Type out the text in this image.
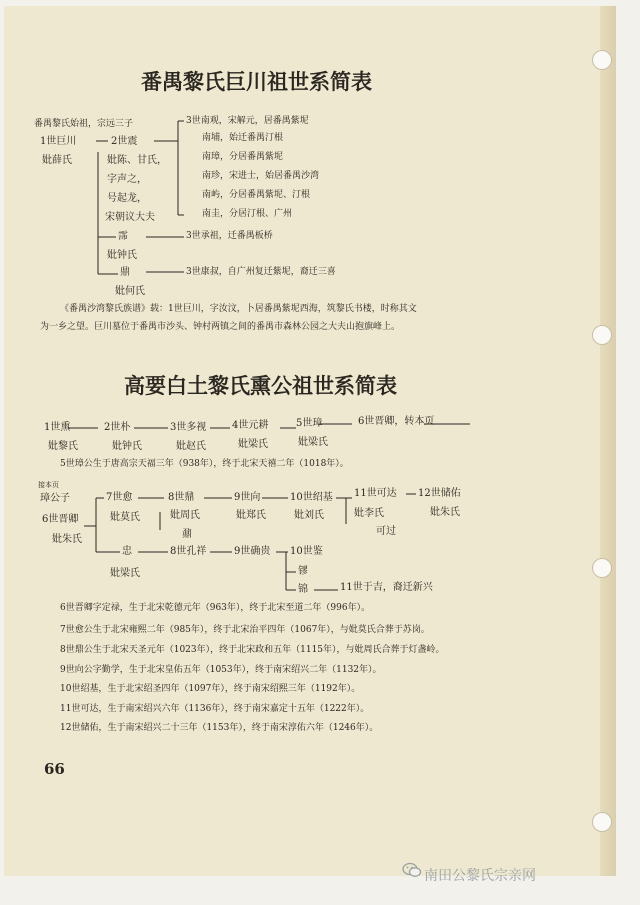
番禺黎氏巨川祖世系简表
番禺黎氏始祖，宗远三子
1世巨川
妣薛氏
2世震
妣陈、甘氏，
字声之，
号起龙，
宋朝议大夫
3世南观，宋解元，居番禺紫坭
南埔，始迁番禺汀根
南璋，分居番禺紫坭
南珍，宋进士，始居番禺沙湾
南屿，分居番禺紫坭、汀根
南圭，分居汀根、广州
霈
妣钟氏
3世承祖，迁番禺板桥
鼎
妣何氏
3世康叔，自广州复迁紫坭，裔迁三喜
《番禺沙湾黎氏族谱》载：1世巨川，字汝汶，卜居番禺紫坭西海，筑黎氏书楼，时称其文
为一乡之望。巨川墓位于番禺市沙头、钟村两镇之间的番禺市森林公园之大夫山抱旗峰上。
高要白土黎氏熏公祖世系简表
1世熏
妣黎氏
2世朴
妣钟氏
3世多视
妣赵氏
4世元耕
妣梁氏
5世璋
妣梁氏
6世晋卿，转本页
5世璋公生于唐高宗天福三年（938年），终于北宋天禧二年（1018年）。
接本页
璋公子
6世晋卿
妣朱氏
7世愈
妣莫氏
8世鼎
妣周氏
鼐
9世向
妣郑氏
10世绍基
妣刘氏
11世可达
妣李氏
可过
12世储佑
妣朱氏
忠
妣梁氏
8世孔祥	9世确贵 10世鉴
镠
锦	11世于吉，裔迁新兴
6世晋卿字定禄，生于北宋乾德元年（963年），终于北宋至道二年（996年）。
7世愈公生于北宋雍熙二年（985年），终于北宋治平四年（1067年），与妣莫氏合葬于苏岗。
8世鼎公生于北宋天圣元年（1023年），终于北宋政和五年（1115年），与妣周氏合葬于灯盏岭。
9世向公字勤学，生于北宋皇佑五年（1053年），终于南宋绍兴二年（1132年）。
10世绍基，生于北宋绍圣四年（1097年），终于南宋绍熙三年（1192年）。
11世可达，生于南宋绍兴六年（1136年），终于南宋嘉定十五年（1222年）。
12世储佑，生于南宋绍兴二十三年（1153年），终于南宋淳佑六年（1246年）。
66
南田公黎氏宗亲网
